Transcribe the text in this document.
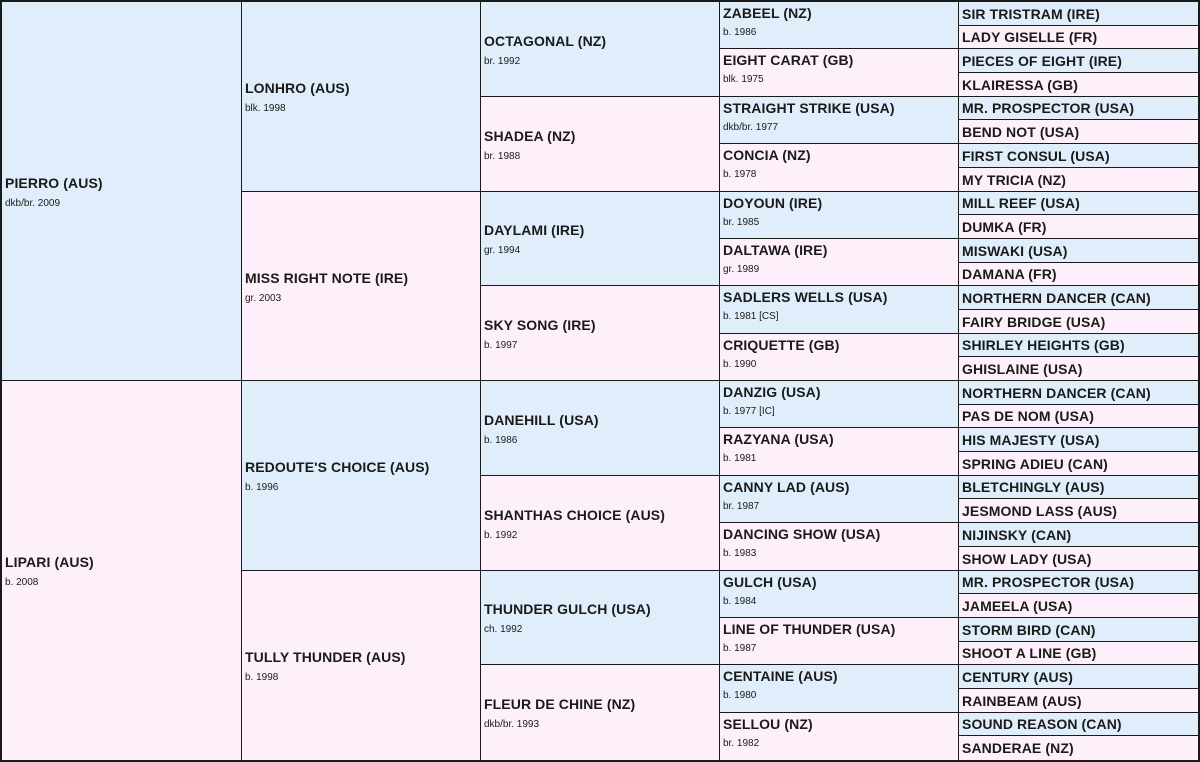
PIERRO (AUS)
dkb/br. 2009
LIPARI (AUS)
b. 2008
LONHRO (AUS)
blk. 1998
MISS RIGHT NOTE (IRE)
gr. 2003
REDOUTE'S CHOICE (AUS)
b. 1996
TULLY THUNDER (AUS)
b. 1998
OCTAGONAL (NZ)
br. 1992
SHADEA (NZ)
br. 1988
DAYLAMI (IRE)
gr. 1994
SKY SONG (IRE)
b. 1997
DANEHILL (USA)
b. 1986
SHANTHAS CHOICE (AUS)
b. 1992
THUNDER GULCH (USA)
ch. 1992
FLEUR DE CHINE (NZ)
dkb/br. 1993
ZABEEL (NZ)
b. 1986
EIGHT CARAT (GB)
blk. 1975
STRAIGHT STRIKE (USA)
dkb/br. 1977
CONCIA (NZ)
b. 1978
DOYOUN (IRE)
br. 1985
DALTAWA (IRE)
gr. 1989
SADLERS WELLS (USA)
b. 1981 [CS]
CRIQUETTE (GB)
b. 1990
DANZIG (USA)
b. 1977 [IC]
RAZYANA (USA)
b. 1981
CANNY LAD (AUS)
br. 1987
DANCING SHOW (USA)
b. 1983
GULCH (USA)
b. 1984
LINE OF THUNDER (USA)
b. 1987
CENTAINE (AUS)
b. 1980
SELLOU (NZ)
br. 1982
SIR TRISTRAM (IRE)
LADY GISELLE (FR)
PIECES OF EIGHT (IRE)
KLAIRESSA (GB)
MR. PROSPECTOR (USA)
BEND NOT (USA)
FIRST CONSUL (USA)
MY TRICIA (NZ)
MILL REEF (USA)
DUMKA (FR)
MISWAKI (USA)
DAMANA (FR)
NORTHERN DANCER (CAN)
FAIRY BRIDGE (USA)
SHIRLEY HEIGHTS (GB)
GHISLAINE (USA)
NORTHERN DANCER (CAN)
PAS DE NOM (USA)
HIS MAJESTY (USA)
SPRING ADIEU (CAN)
BLETCHINGLY (AUS)
JESMOND LASS (AUS)
NIJINSKY (CAN)
SHOW LADY (USA)
MR. PROSPECTOR (USA)
JAMEELA (USA)
STORM BIRD (CAN)
SHOOT A LINE (GB)
CENTURY (AUS)
RAINBEAM (AUS)
SOUND REASON (CAN)
SANDERAE (NZ)
